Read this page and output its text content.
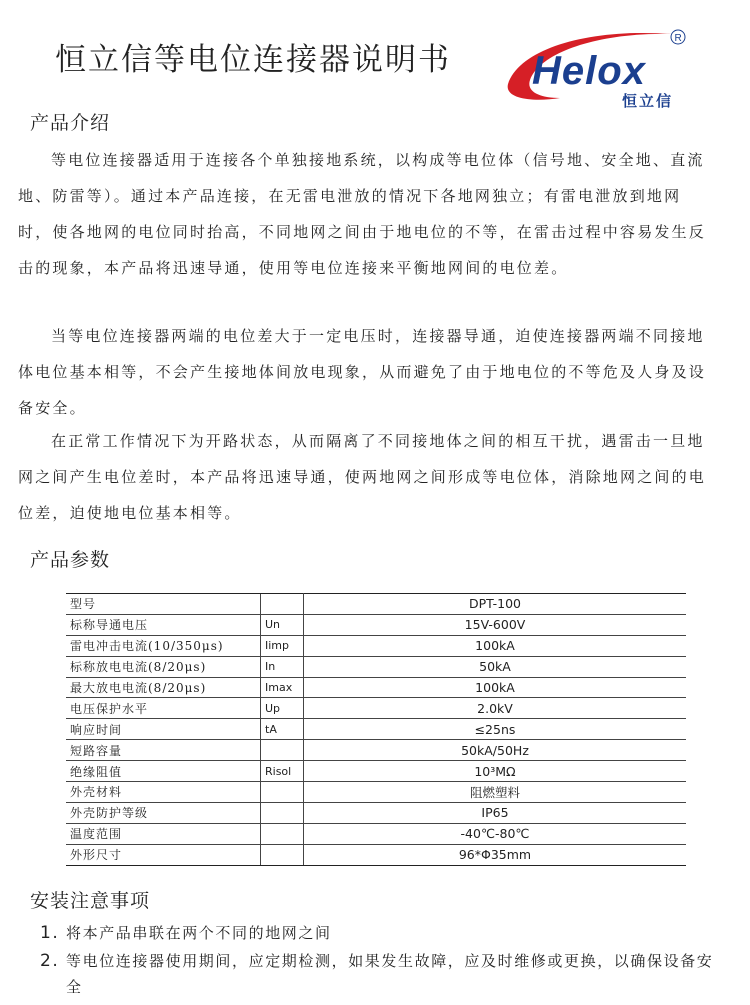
恒立信等电位连接器说明书 Helox
R
恒立信
产品介绍

等电位连接器适用于连接各个单独接地系统，以构成等电位体（信号地、安全地、直流地、防雷等）。通过本产品连接，在无雷电泄放的情况下各地网独立；有雷电泄放到地网时，使各地网的电位同时抬高，不同地网之间由于地电位的不等，在雷击过程中容易发生反击的现象，本产品将迅速导通，使用等电位连接来平衡地网间的电位差。

当等电位连接器两端的电位差大于一定电压时，连接器导通，迫使连接器两端不同接地体电位基本相等，不会产生接地体间放电现象，从而避免了由于地电位的不等危及人身及设备安全。

在正常工作情况下为开路状态，从而隔离了不同接地体之间的相互干扰，遇雷击一旦地网之间产生电位差时，本产品将迅速导通，使两地网之间形成等电位体，消除地网之间的电位差，迫使地电位基本相等。

产品参数
型号		DPT-100
标称导通电压	Un	15V-600V
雷电冲击电流(10/350μs)	Iimp	100kA
标称放电电流(8/20μs)	In	50kA
最大放电电流(8/20μs)	Imax	100kA
电压保护水平	Up	2.0kV
响应时间	tA	≤25ns
短路容量		50kA/50Hz
绝缘阻值	Risol	10³MΩ
外壳材料		阻燃塑料
外壳防护等级		IP65
温度范围		-40℃-80℃
外形尺寸		96*Φ35mm
安装注意事项
1. 将本产品串联在两个不同的地网之间
2. 等电位连接器使用期间，应定期检测，如果发生故障，应及时维修或更换，以确保设备安全
